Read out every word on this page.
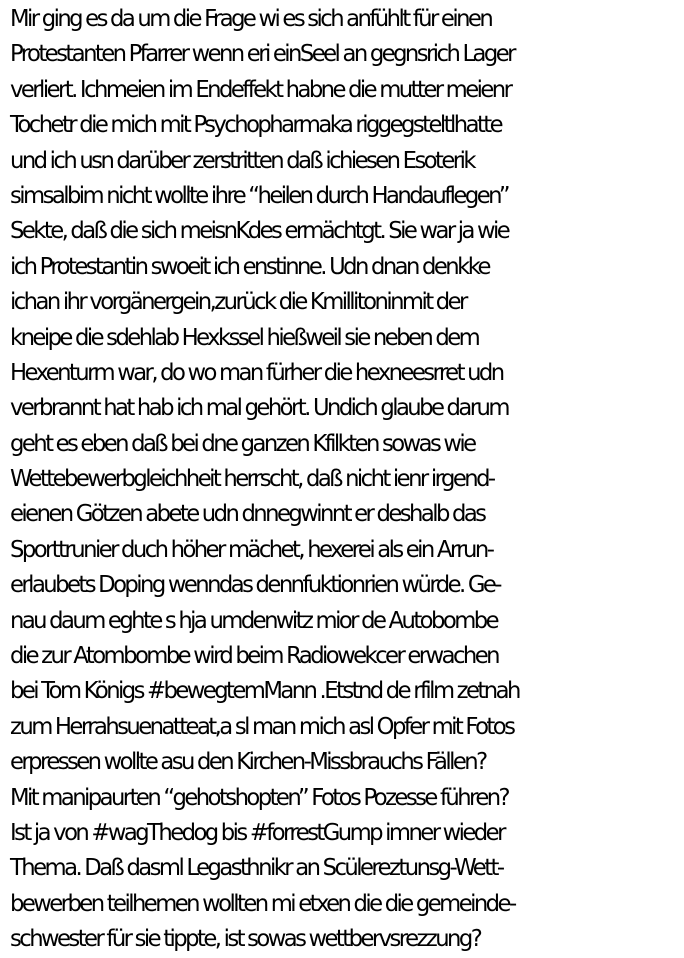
Mir ging es da um die Frage wi es sich anfühlt für einen
Protestanten Pfarrer wenn eri einSeel an gegnsrich Lager
verliert. Ichmeien im Endeffekt habne die mutter meienr
Tochetr die mich mit Psychopharmaka riggegsteltlhatte
und ich usn darüber zerstritten daß ichiesen Esoterik
simsalbim nicht wollte ihre “heilen durch Handauflegen”
Sekte, daß die sich meisnKdes ermächtgt. Sie war ja wie
ich Protestantin swoeit ich enstinne. Udn dnan denkke
ichan ihr vorgänergein,zurück die Kmillitoninmit der
kneipe die sdehlab Hexkssel hießweil sie neben dem
Hexenturm war, do wo man fürher die hexneesrret udn
verbrannt hat hab ich mal gehört. Undich glaube darum
geht es eben daß bei dne ganzen Kfilkten sowas wie
Wettebewerbgleichheit herrscht, daß nicht ienr irgend-
eienen Götzen abete udn dnnegwinnt er deshalb das
Sporttrunier duch höher mächet, hexerei als ein Arrun-
erlaubets Doping wenndas dennfuktionrien würde. Ge-
nau daum eghte s hja umdenwitz mior de Autobombe
die zur Atombombe wird beim Radiowekcer erwachen
bei Tom Königs #bewegtemMann .Etstnd de rfilm zetnah
zum Herrahsuenatteat,a sl man mich asl Opfer mit Fotos
erpressen wollte asu den Kirchen-Missbrauchs Fällen?
Mit manipaurten “gehotshopten” Fotos Pozesse führen?
Ist ja von #wagThedog bis #forrestGump imner wieder
Thema. Daß dasml Legasthnikr an Scülereztunsg-Wett-
bewerben teilhemen wollten mi etxen die die gemeinde-
schwester für sie tippte, ist sowas wettbervsrezzung?
